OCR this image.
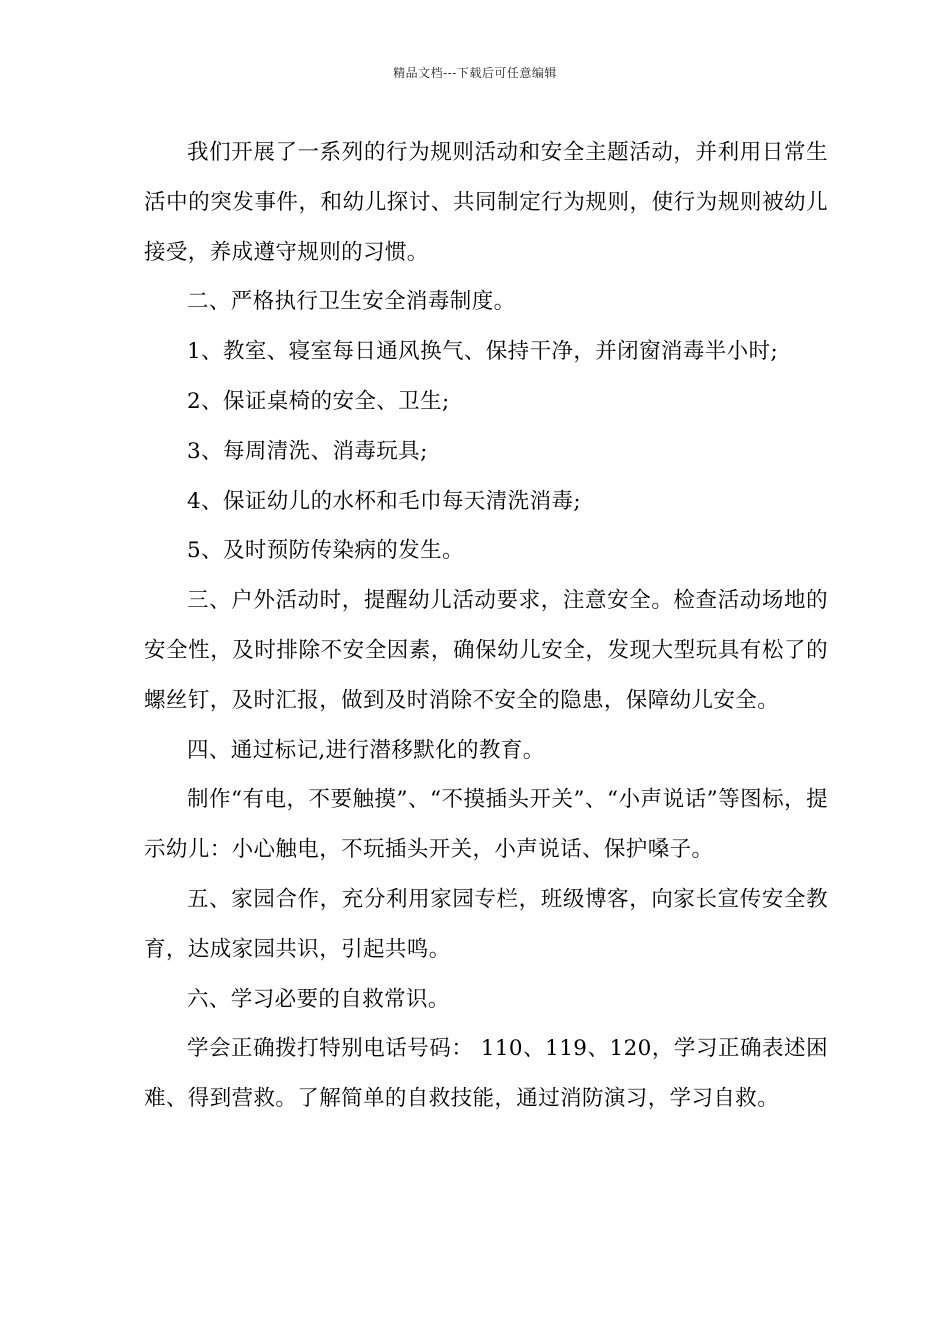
精品文档---下载后可任意编辑

我们开展了一系列的行为规则活动和安全主题活动，并利用日常生活中的突发事件，和幼儿探讨、共同制定行为规则，使行为规则被幼儿接受，养成遵守规则的习惯。

二、严格执行卫生安全消毒制度。

1、教室、寝室每日通风换气、保持干净，并闭窗消毒半小时;

2、保证桌椅的安全、卫生;

3、每周清洗、消毒玩具;

4、保证幼儿的水杯和毛巾每天清洗消毒;

5、及时预防传染病的发生。

三、户外活动时，提醒幼儿活动要求，注意安全。检查活动场地的安全性，及时排除不安全因素，确保幼儿安全，发现大型玩具有松了的螺丝钉，及时汇报，做到及时消除不安全的隐患，保障幼儿安全。

四、通过标记,进行潜移默化的教育。

制作“有电，不要触摸”、“不摸插头开关”、“小声说话”等图标，提示幼儿：小心触电，不玩插头开关，小声说话、保护嗓子。

五、家园合作，充分利用家园专栏，班级博客，向家长宣传安全教育，达成家园共识，引起共鸣。

六、学习必要的自救常识。

学会正确拨打特别电话号码： 110、119、120，学习正确表述困难、得到营救。了解简单的自救技能，通过消防演习，学习自救。
